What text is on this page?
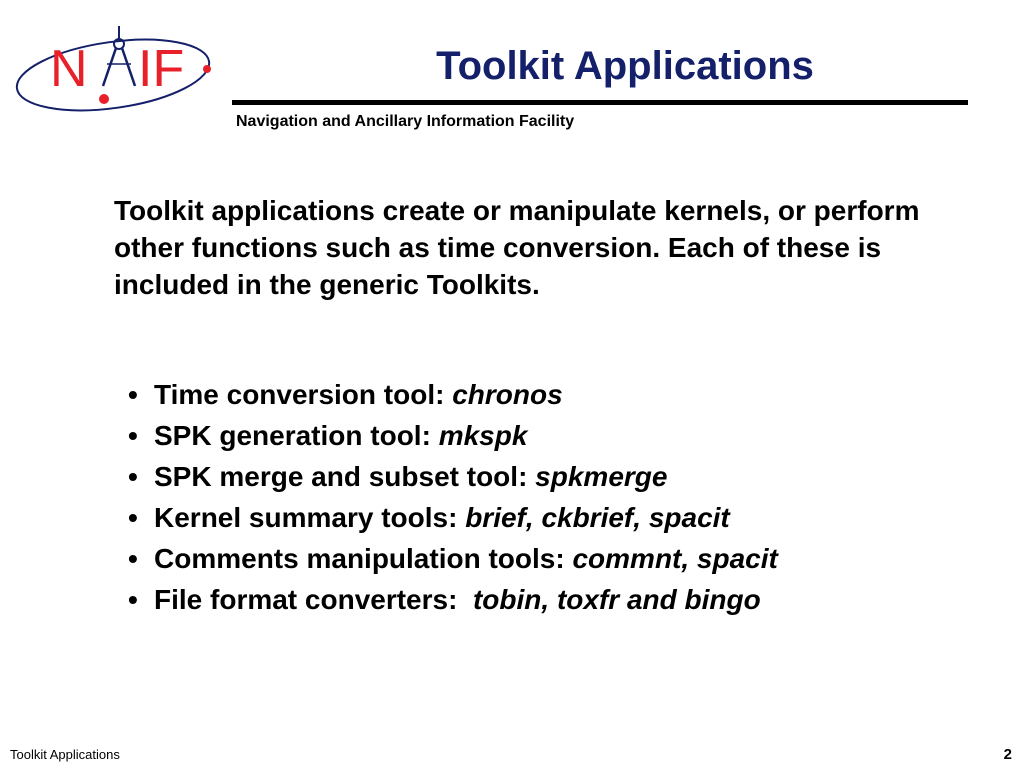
N IF	Toolkit Applications
Navigation and Ancillary Information Facility

Toolkit applications create or manipulate kernels, or perform other functions such as time conversion. Each of these is included in the generic Toolkits.

• Time conversion tool: chronos
• SPK generation tool: mkspk
• SPK merge and subset tool: spkmerge
• Kernel summary tools: brief, ckbrief, spacit
• Comments manipulation tools: commnt, spacit
• File format converters:  tobin, toxfr and bingo
Toolkit Applications	2
